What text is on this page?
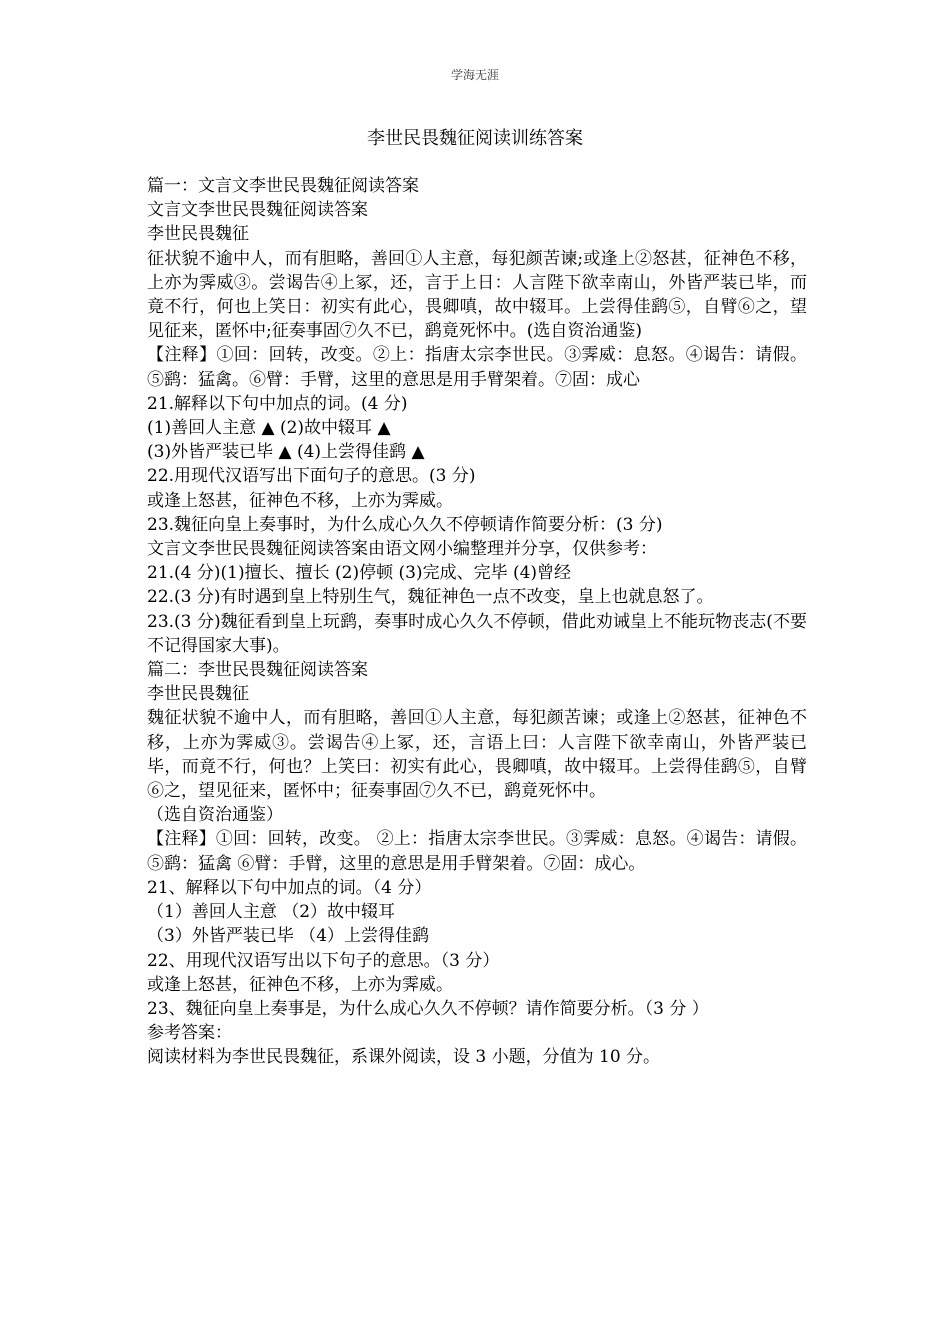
学海无涯
李世民畏魏征阅读训练答案

篇一：文言文李世民畏魏征阅读答案

文言文李世民畏魏征阅读答案

李世民畏魏征

征状貌不逾中人，而有胆略，善回①人主意，每犯颜苦谏;或逢上②怒甚，征神色不移，上亦为霁威③。尝谒告④上冢，还，言于上日：人言陛下欲幸南山，外皆严装已毕，而竟不行，何也上笑日：初实有此心，畏卿嗔，故中辍耳。上尝得佳鹞⑤，自臂⑥之，望见征来，匿怀中;征奏事固⑦久不已，鹞竟死怀中。(选自资治通鉴)

【注释】①回：回转，改变。②上：指唐太宗李世民。③霁威：息怒。④谒告：请假。⑤鹞：猛禽。⑥臂：手臂，这里的意思是用手臂架着。⑦固：成心

21.解释以下句中加点的词。(4 分)

(1)善回人主意 ▲ (2)故中辍耳 ▲

(3)外皆严装已毕 ▲ (4)上尝得佳鹞 ▲

22.用现代汉语写出下面句子的意思。(3 分)

或逢上怒甚，征神色不移，上亦为霁威。

23.魏征向皇上奏事时，为什么成心久久不停顿请作简要分析：(3 分)

文言文李世民畏魏征阅读答案由语文网小编整理并分享，仅供参考：

21.(4 分)(1)擅长、擅长 (2)停顿 (3)完成、完毕 (4)曾经

22.(3 分)有时遇到皇上特别生气，魏征神色一点不改变，皇上也就息怒了。

23.(3 分)魏征看到皇上玩鹞，奏事时成心久久不停顿，借此劝诫皇上不能玩物丧志(不要不记得国家大事)。

篇二：李世民畏魏征阅读答案

李世民畏魏征

魏征状貌不逾中人，而有胆略，善回①人主意，每犯颜苦谏；或逢上②怒甚，征神色不移，上亦为霁威③。尝谒告④上冢，还，言语上曰：人言陛下欲幸南山，外皆严装已毕，而竟不行，何也？上笑曰：初实有此心，畏卿嗔，故中辍耳。上尝得佳鹞⑤，自臂⑥之，望见征来，匿怀中；征奏事固⑦久不已，鹞竟死怀中。

（选自资治通鉴）

【注释】①回：回转，改变。 ②上：指唐太宗李世民。③霁威：息怒。④谒告：请假。 ⑤鹞：猛禽 ⑥臂：手臂，这里的意思是用手臂架着。⑦固：成心。

21、解释以下句中加点的词。（4 分）

（1）善回人主意 （2）故中辍耳

（3）外皆严装已毕 （4）上尝得佳鹞

22、用现代汉语写出以下句子的意思。（3 分）

或逢上怒甚，征神色不移，上亦为霁威。

23、魏征向皇上奏事是，为什么成心久久不停顿？请作简要分析。（3 分 ）

参考答案：

阅读材料为李世民畏魏征，系课外阅读，设 3 小题，分值为 10 分。
